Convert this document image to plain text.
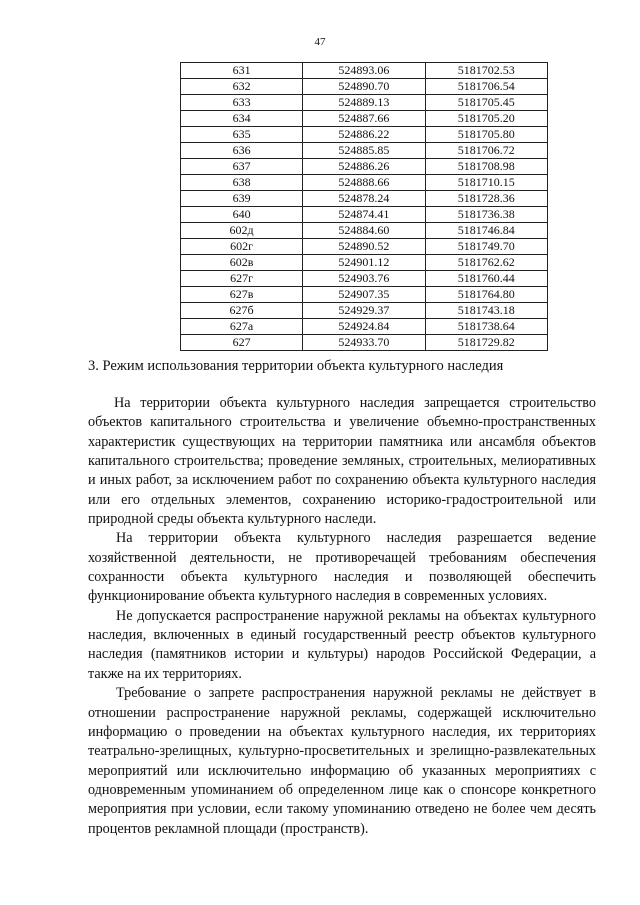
47
631	524893.06	5181702.53
632	524890.70	5181706.54
633	524889.13	5181705.45
634	524887.66	5181705.20
635	524886.22	5181705.80
636	524885.85	5181706.72
637	524886.26	5181708.98
638	524888.66	5181710.15
639	524878.24	5181728.36
640	524874.41	5181736.38
602д	524884.60	5181746.84
602г	524890.52	5181749.70
602в	524901.12	5181762.62
627г	524903.76	5181760.44
627в	524907.35	5181764.80
627б	524929.37	5181743.18
627а	524924.84	5181738.64
627	524933.70	5181729.82
3. Режим использования территории объекта культурного наследия

На территории объекта культурного наследия запрещается строительство объектов капитального строительства и увеличение объемно-пространственных характеристик существующих на территории памятника или ансамбля объектов капитального строительства; проведение земляных, строительных, мелиоративных и иных работ, за исключением работ по сохранению объекта культурного наследия или его отдельных элементов, сохранению историко-градостроительной или природной среды объекта культурного наследи.

На территории объекта культурного наследия разрешается ведение хозяйственной деятельности, не противоречащей требованиям обеспечения сохранности объекта культурного наследия и позволяющей обеспечить функционирование объекта культурного наследия в современных условиях.

Не допускается распространение наружной рекламы на объектах культурного наследия, включенных в единый государственный реестр объектов культурного наследия (памятников истории и культуры) народов Российской Федерации, а также на их территориях.

Требование о запрете распространения наружной рекламы не действует в отношении распространение наружной рекламы, содержащей исключительно информацию о проведении на объектах культурного наследия, их территориях театрально-зрелищных, культурно-просветительных и зрелищно-развлекательных мероприятий или исключительно информацию об указанных мероприятиях с одновременным упоминанием об определенном лице как о спонсоре конкретного мероприятия при условии, если такому упоминанию отведено не более чем десять процентов рекламной площади (пространств).
